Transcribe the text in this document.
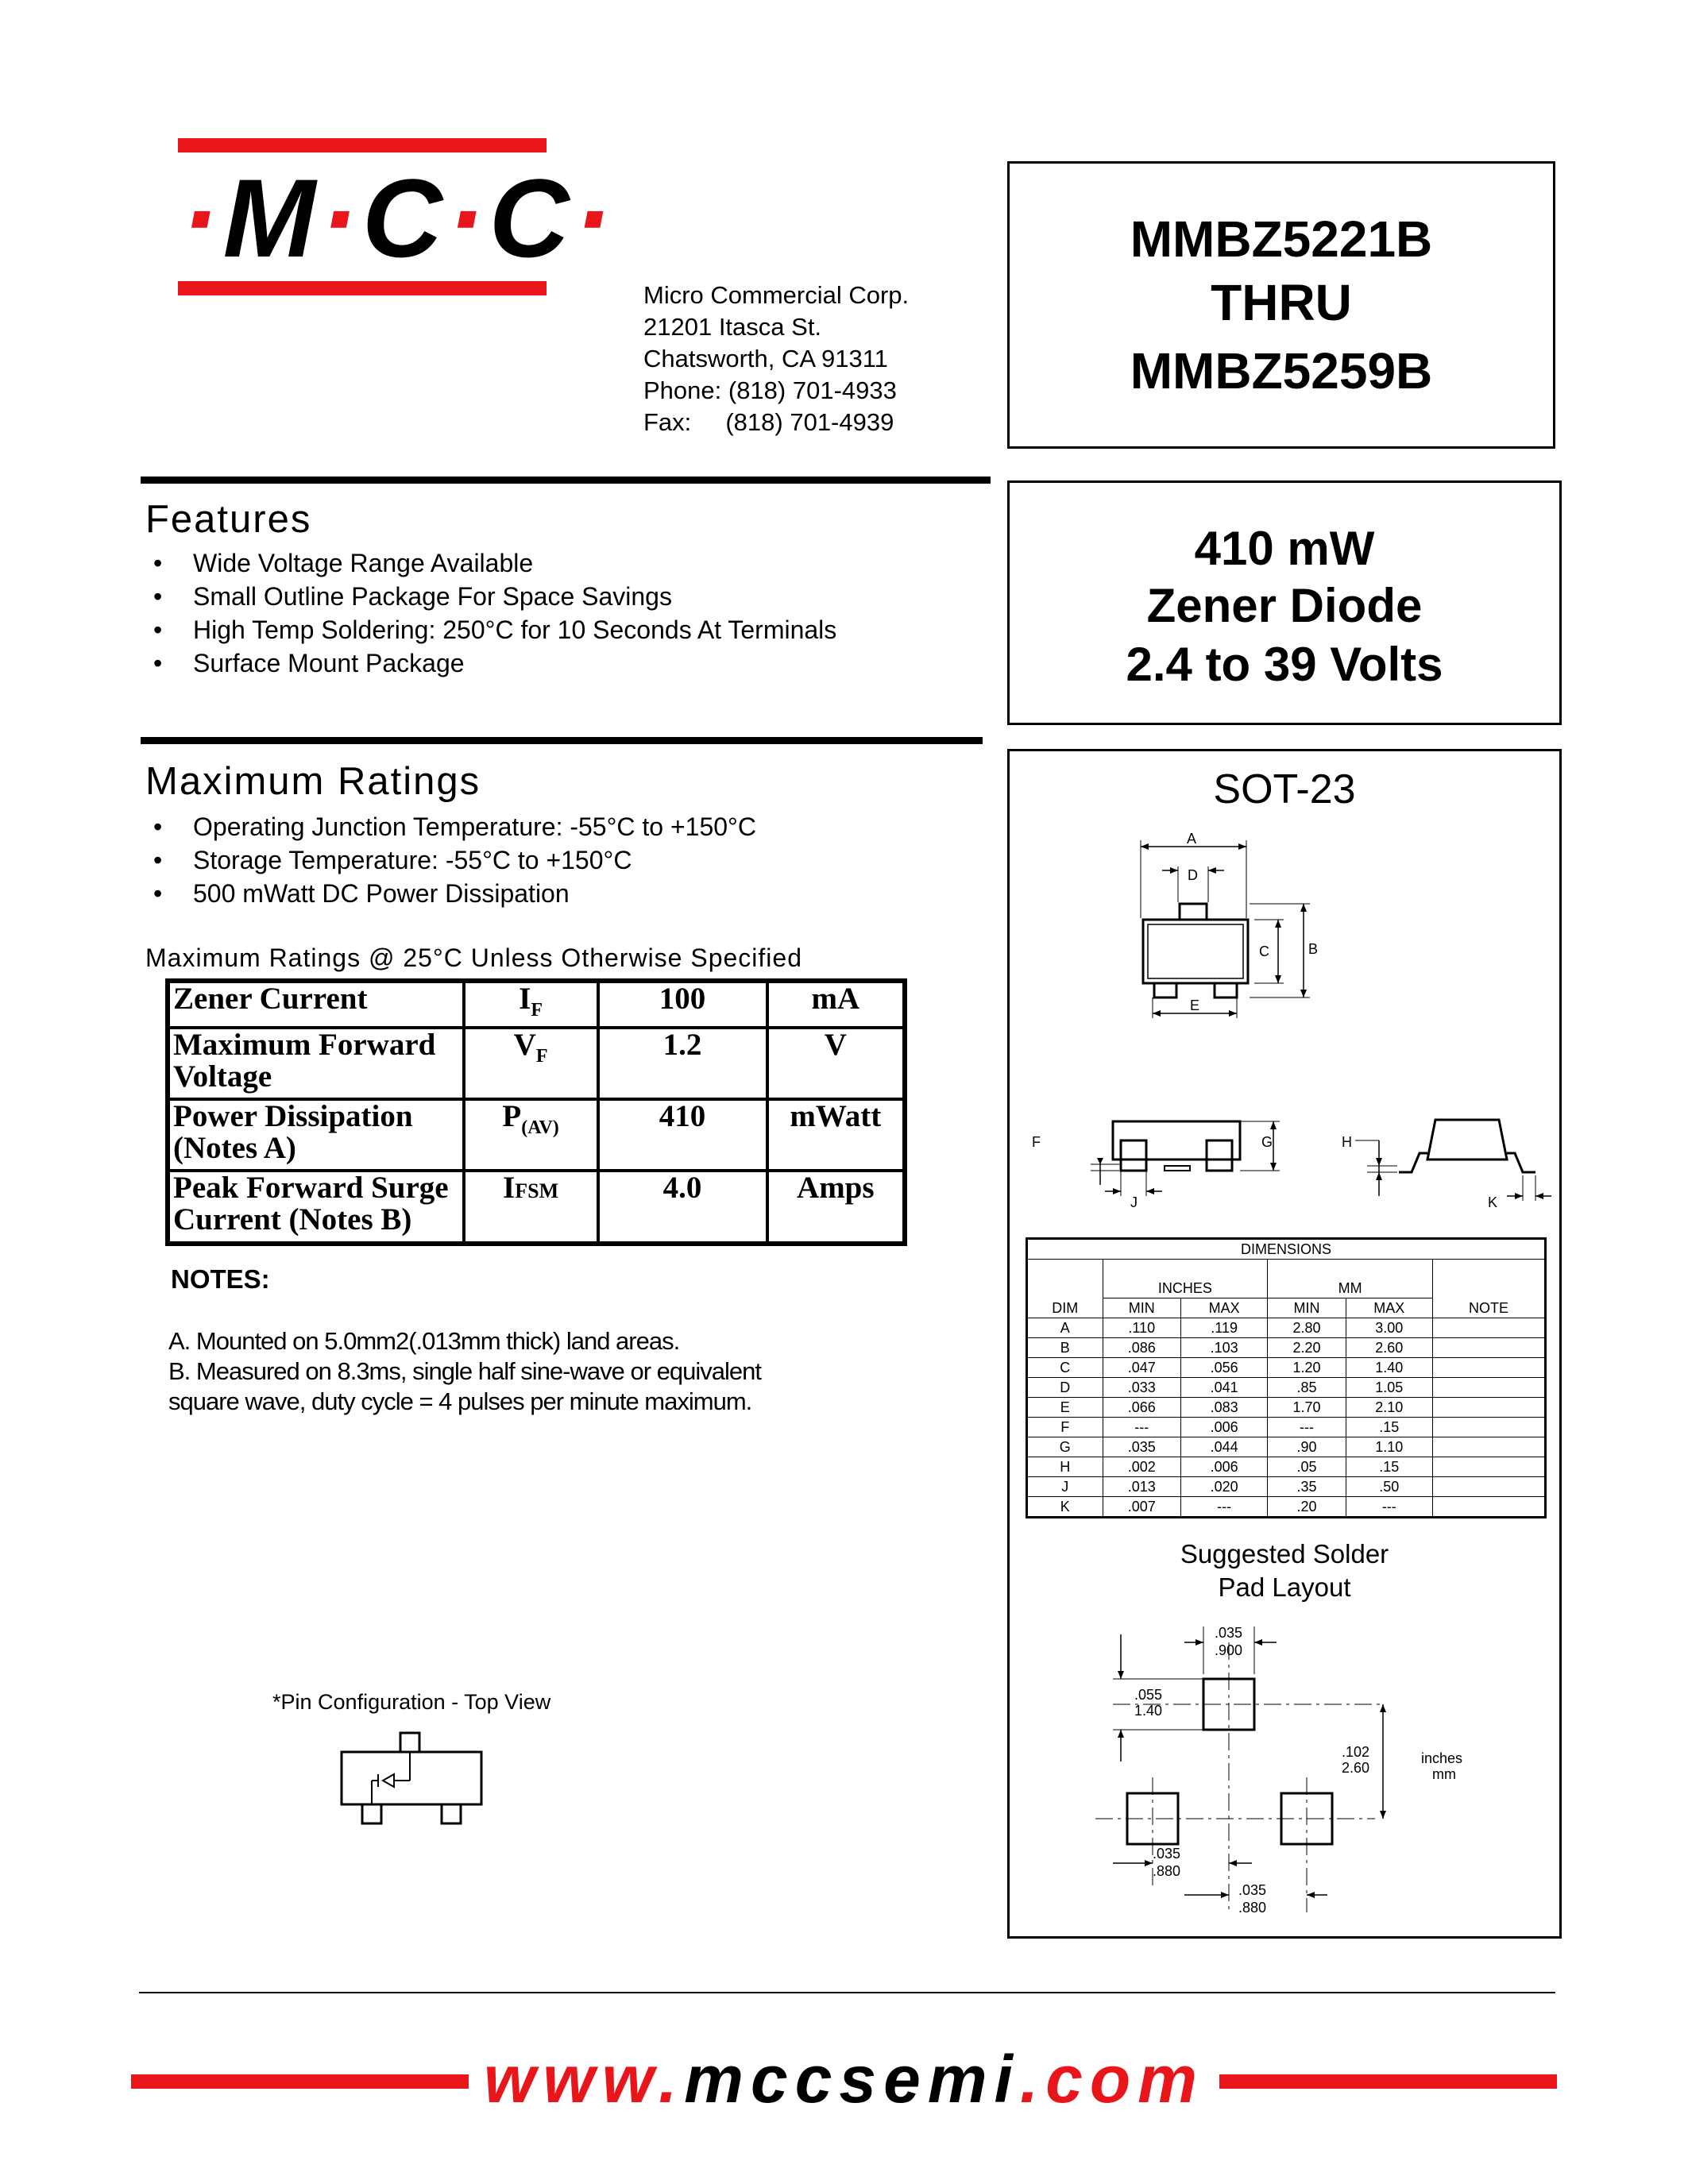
·M·C·C·
Micro Commercial Corp.
21201 Itasca St.
Chatsworth, CA 91311
Phone: (818) 701-4933
Fax:     (818) 701-4939
MMBZ5221B
THRU
MMBZ5259B
410 mW
Zener Diode
2.4 to 39 Volts
Features
• Wide Voltage Range Available
• Small Outline Package For Space Savings
• High Temp Soldering: 250°C for 10 Seconds At Terminals
• Surface Mount Package
Maximum Ratings
• Operating Junction Temperature: -55°C to +150°C
• Storage Temperature: -55°C to +150°C
• 500 mWatt DC Power Dissipation
Maximum Ratings @ 25°C Unless Otherwise Specified
Zener Current	$I_F$	100	mA
Maximum Forward Voltage	$V_F$	1.2	V
Power Dissipation (Notes A)	$P_{(AV)}$	410	mWatt
Peak Forward Surge Current (Notes B)	IFSM	4.0	Amps
NOTES:
A. Mounted on 5.0mm2(.013mm thick) land areas.
B. Measured on 8.3ms, single half sine-wave or equivalent
square wave, duty cycle = 4 pulses per minute maximum.
*Pin Configuration - Top View
SOT-23
A
D
C	B
E
F	G
J
H
K
DIMENSIONS					
DIM	INCHES		MM		NOTE
	MIN	MAX	MIN	MAX	
A	.110	.119	2.80	3.00	
B	.086	.103	2.20	2.60	
C	.047	.056	1.20	1.40	
D	.033	.041	.85	1.05	
E	.066	.083	1.70	2.10	
F	---	.006	---	.15	
G	.035	.044	.90	1.10	
H	.002	.006	.05	.15	
J	.013	.020	.35	.50	
K	.007	---	.20	---	
Suggested Solder
Pad Layout
.035
.900
.055
1.40
.102
2.60
inches
mm
.035
.880
.035
.880
www.mccsemi.com
